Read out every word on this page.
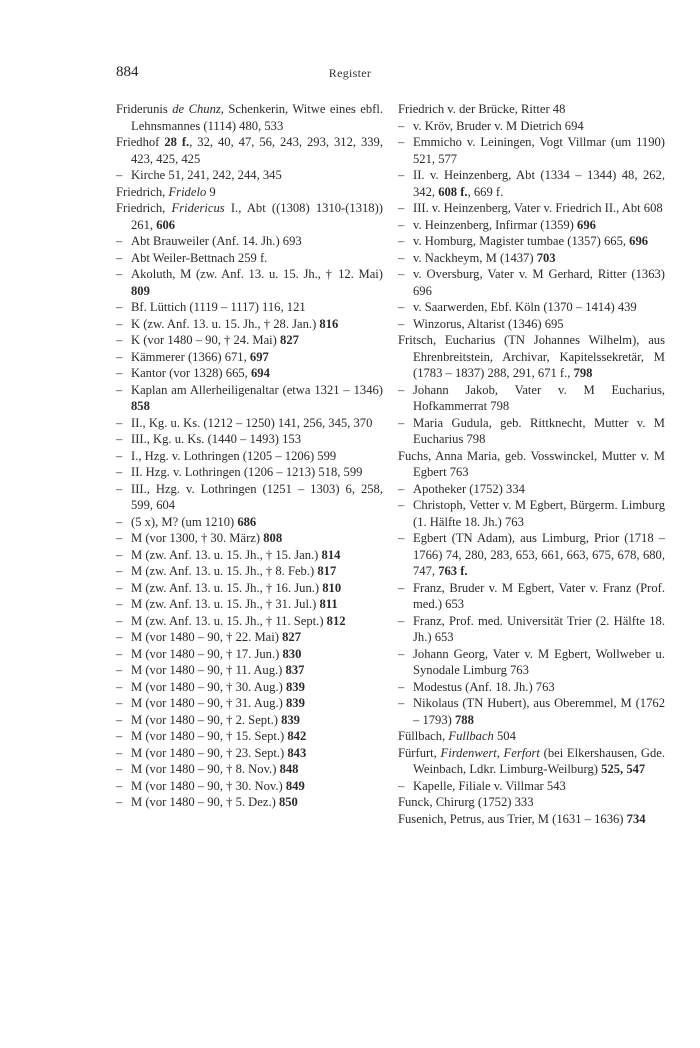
884	Register

Friderunis de Chunz, Schenkerin, Witwe eines ebfl. Lehnsmannes (1114) 480, 533

Friedhof 28 f., 32, 40, 47, 56, 243, 293, 312, 339, 423, 425, 425

– Kirche 51, 241, 242, 244, 345

Friedrich, Fridelo 9

Friedrich, Fridericus I., Abt ((1308) 1310-(1318)) 261, 606

– Abt Brauweiler (Anf. 14. Jh.) 693

– Abt Weiler-Bettnach 259 f.

– Akoluth, M (zw. Anf. 13. u. 15. Jh., † 12. Mai) 809

– Bf. Lüttich (1119 – 1117) 116, 121

– K (zw. Anf. 13. u. 15. Jh., † 28. Jan.) 816

– K (vor 1480 – 90, † 24. Mai) 827

– Kämmerer (1366) 671, 697

– Kantor (vor 1328) 665, 694

– Kaplan am Allerheiligenaltar (etwa 1321 – 1346) 858

– II., Kg. u. Ks. (1212 – 1250) 141, 256, 345, 370

– III., Kg. u. Ks. (1440 – 1493) 153

– I., Hzg. v. Lothringen (1205 – 1206) 599

– II. Hzg. v. Lothringen (1206 – 1213) 518, 599

– III., Hzg. v. Lothringen (1251 – 1303) 6, 258, 599, 604

– (5 x), M? (um 1210) 686

– M (vor 1300, † 30. März) 808

– M (zw. Anf. 13. u. 15. Jh., † 15. Jan.) 814

– M (zw. Anf. 13. u. 15. Jh., † 8. Feb.) 817

– M (zw. Anf. 13. u. 15. Jh., † 16. Jun.) 810

– M (zw. Anf. 13. u. 15. Jh., † 31. Jul.) 811

– M (zw. Anf. 13. u. 15. Jh., † 11. Sept.) 812

– M (vor 1480 – 90, † 22. Mai) 827

– M (vor 1480 – 90, † 17. Jun.) 830

– M (vor 1480 – 90, † 11. Aug.) 837

– M (vor 1480 – 90, † 30. Aug.) 839

– M (vor 1480 – 90, † 31. Aug.) 839

– M (vor 1480 – 90, † 2. Sept.) 839

– M (vor 1480 – 90, † 15. Sept.) 842

– M (vor 1480 – 90, † 23. Sept.) 843

– M (vor 1480 – 90, † 8. Nov.) 848

– M (vor 1480 – 90, † 30. Nov.) 849

– M (vor 1480 – 90, † 5. Dez.) 850

Friedrich v. der Brücke, Ritter 48

– v. Kröv, Bruder v. M Dietrich 694

– Emmicho v. Leiningen, Vogt Villmar (um 1190) 521, 577

– II. v. Heinzenberg, Abt (1334 – 1344) 48, 262, 342, 608 f., 669 f.

– III. v. Heinzenberg, Vater v. Friedrich II., Abt 608

– v. Heinzenberg, Infirmar (1359) 696

– v. Homburg, Magister tumbae (1357) 665, 696

– v. Nackheym, M (1437) 703

– v. Oversburg, Vater v. M Gerhard, Ritter (1363) 696

– v. Saarwerden, Ebf. Köln (1370 – 1414) 439

– Winzorus, Altarist (1346) 695

Fritsch, Eucharius (TN Johannes Wilhelm), aus Ehrenbreitstein, Archivar, Kapitelssekretär, M (1783 – 1837) 288, 291, 671 f., 798

– Johann Jakob, Vater v. M Eucharius, Hofkammerrat 798

– Maria Gudula, geb. Rittknecht, Mutter v. M Eucharius 798

Fuchs, Anna Maria, geb. Vosswinckel, Mutter v. M Egbert 763

– Apotheker (1752) 334

– Christoph, Vetter v. M Egbert, Bürgerm. Limburg (1. Hälfte 18. Jh.) 763

– Egbert (TN Adam), aus Limburg, Prior (1718 – 1766) 74, 280, 283, 653, 661, 663, 675, 678, 680, 747, 763 f.

– Franz, Bruder v. M Egbert, Vater v. Franz (Prof. med.) 653

– Franz, Prof. med. Universität Trier (2. Hälfte 18. Jh.) 653

– Johann Georg, Vater v. M Egbert, Wollweber u. Synodale Limburg 763

– Modestus (Anf. 18. Jh.) 763

– Nikolaus (TN Hubert), aus Oberemmel, M (1762 – 1793) 788

Füllbach, Fullbach 504

Fürfurt, Firdenwert, Ferfort (bei Elkershausen, Gde. Weinbach, Ldkr. Limburg-Weilburg) 525, 547

– Kapelle, Filiale v. Villmar 543

Funck, Chirurg (1752) 333

Fusenich, Petrus, aus Trier, M (1631 – 1636) 734
